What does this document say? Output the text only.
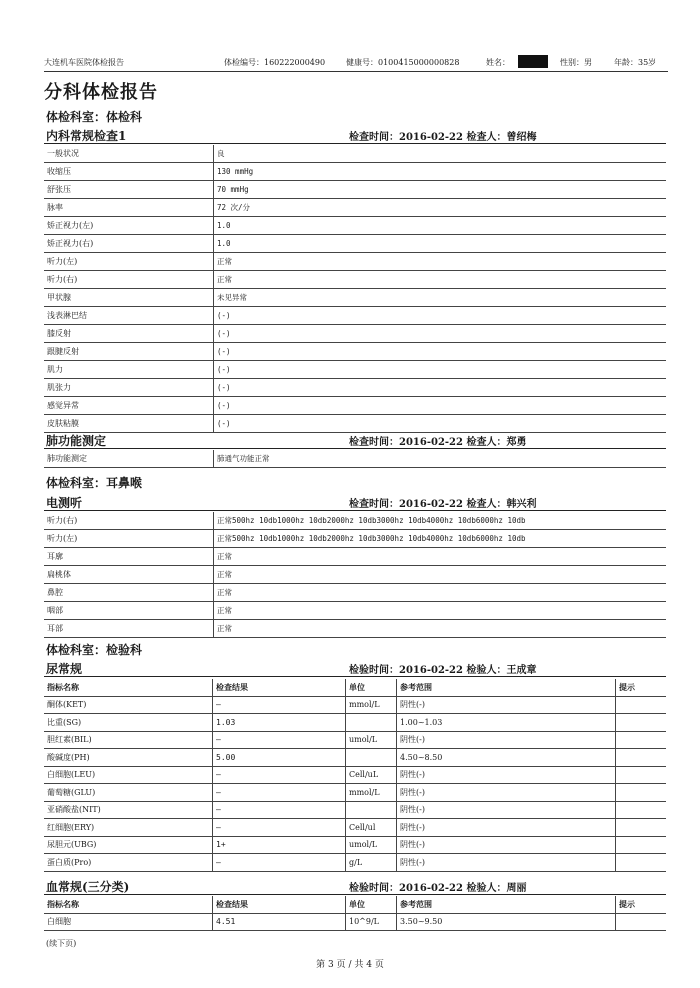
大连机车医院体检报告	体检编号：160222000490	健康号：0100415000000828	姓名：	性别：男	年龄：35岁
分科体检报告
体检科室：体检科
内科常规检查1	检查时间：2016-02-22 检查人：曾绍梅
一般状况	良
收缩压	130 mmHg
舒张压	70 mmHg
脉率	72 次/分
矫正视力(左)	1.0
矫正视力(右)	1.0
听力(左)	正常
听力(右)	正常
甲状腺	未见异常
浅表淋巴结	(-)
膝反射	(-)
跟腱反射	(-)
肌力	(-)
肌张力	(-)
感觉异常	(-)
皮肤粘膜	(-)
肺功能测定	检查时间：2016-02-22 检查人：郑勇
肺功能测定	肺通气功能正常
体检科室：耳鼻喉
电测听	检查时间：2016-02-22 检查人：韩兴利
听力(右)	正常500hz 10db1000hz 10db2000hz 10db3000hz 10db4000hz 10db6000hz 10db
听力(左)	正常500hz 10db1000hz 10db2000hz 10db3000hz 10db4000hz 10db6000hz 10db
耳廓	正常
扁桃体	正常
鼻腔	正常
咽部	正常
耳部	正常
体检科室：检验科
尿常规	检验时间：2016-02-22 检验人：王成章
指标名称	检查结果	单位	参考范围	提示
酮体(KET)	—	mmol/L	阴性(-)	
比重(SG)	1.03		1.00~1.03	
胆红素(BIL)	—	umol/L	阴性(-)	
酸碱度(PH)	5.00		4.50~8.50	
白细胞(LEU)	—	Cell/uL	阴性(-)	
葡萄糖(GLU)	—	mmol/L	阴性(-)	
亚硝酸盐(NIT)	—		阴性(-)	
红细胞(ERY)	—	Cell/ul	阴性(-)	
尿胆元(UBG)	1+	umol/L	阴性(-)	
蛋白质(Pro)	—	g/L	阴性(-)	
血常规(三分类)	检验时间：2016-02-22 检验人：周丽
指标名称	检查结果	单位	参考范围	提示
白细胞	4.51	10^9/L	3.50~9.50	
(续下页)
第 3 页 / 共 4 页
